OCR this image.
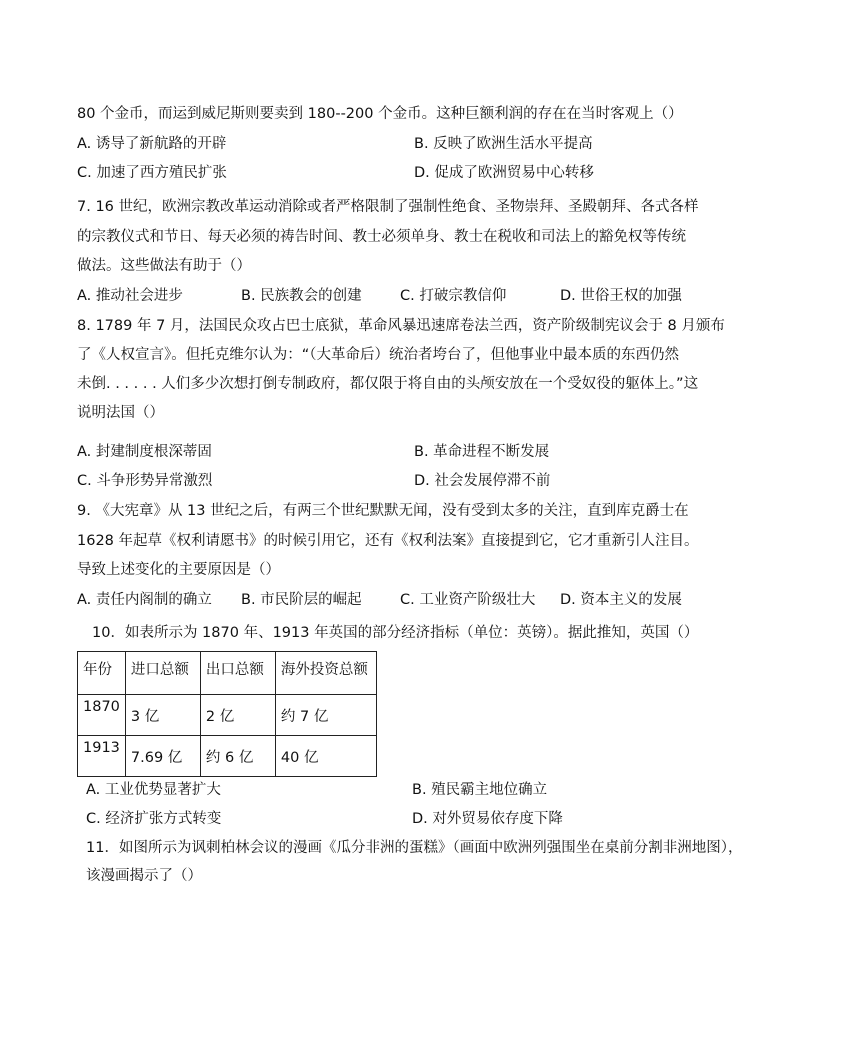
80 个金币，而运到威尼斯则要卖到 180--200 个金币。这种巨额利润的存在在当时客观上（）
A. 诱导了新航路的开辟	B. 反映了欧洲生活水平提高
C. 加速了西方殖民扩张	D. 促成了欧洲贸易中心转移
7. 16 世纪，欧洲宗教改革运动消除或者严格限制了强制性绝食、圣物崇拜、圣殿朝拜、各式各样
的宗教仪式和节日、每天必须的祷告时间、教士必须单身、教士在税收和司法上的豁免权等传统
做法。这些做法有助于（）
A. 推动社会进步	B. 民族教会的创建	C. 打破宗教信仰	D. 世俗王权的加强
8. 1789 年 7 月，法国民众攻占巴士底狱，革命风暴迅速席卷法兰西，资产阶级制宪议会于 8 月颁布
了《人权宣言》。但托克维尔认为：“（大革命后）统治者垮台了，但他事业中最本质的东西仍然
未倒. . . . . . 人们多少次想打倒专制政府，都仅限于将自由的头颅安放在一个受奴役的躯体上。”这
说明法国（）
A. 封建制度根深蒂固	B. 革命进程不断发展
C. 斗争形势异常激烈	D. 社会发展停滞不前
9. 《大宪章》从 13 世纪之后，有两三个世纪默默无闻，没有受到太多的关注，直到库克爵士在
1628 年起草《权利请愿书》的时候引用它，还有《权利法案》直接提到它，它才重新引人注目。
导致上述变化的主要原因是（）
A. 责任内阁制的确立 B. 市民阶层的崛起	C. 工业资产阶级壮大 D. 资本主义的发展
10．如表所示为 1870 年、1913 年英国的部分经济指标（单位：英镑）。据此推知，英国（）
年份	进口总额	出口总额	海外投资总额
1870	3 亿	2 亿	约 7 亿
1913	7.69 亿	约 6 亿	40 亿
A. 工业优势显著扩大	B. 殖民霸主地位确立
C. 经济扩张方式转变	D. 对外贸易依存度下降
11．如图所示为讽刺柏林会议的漫画《瓜分非洲的蛋糕》（画面中欧洲列强围坐在桌前分割非洲地图），
该漫画揭示了（）
